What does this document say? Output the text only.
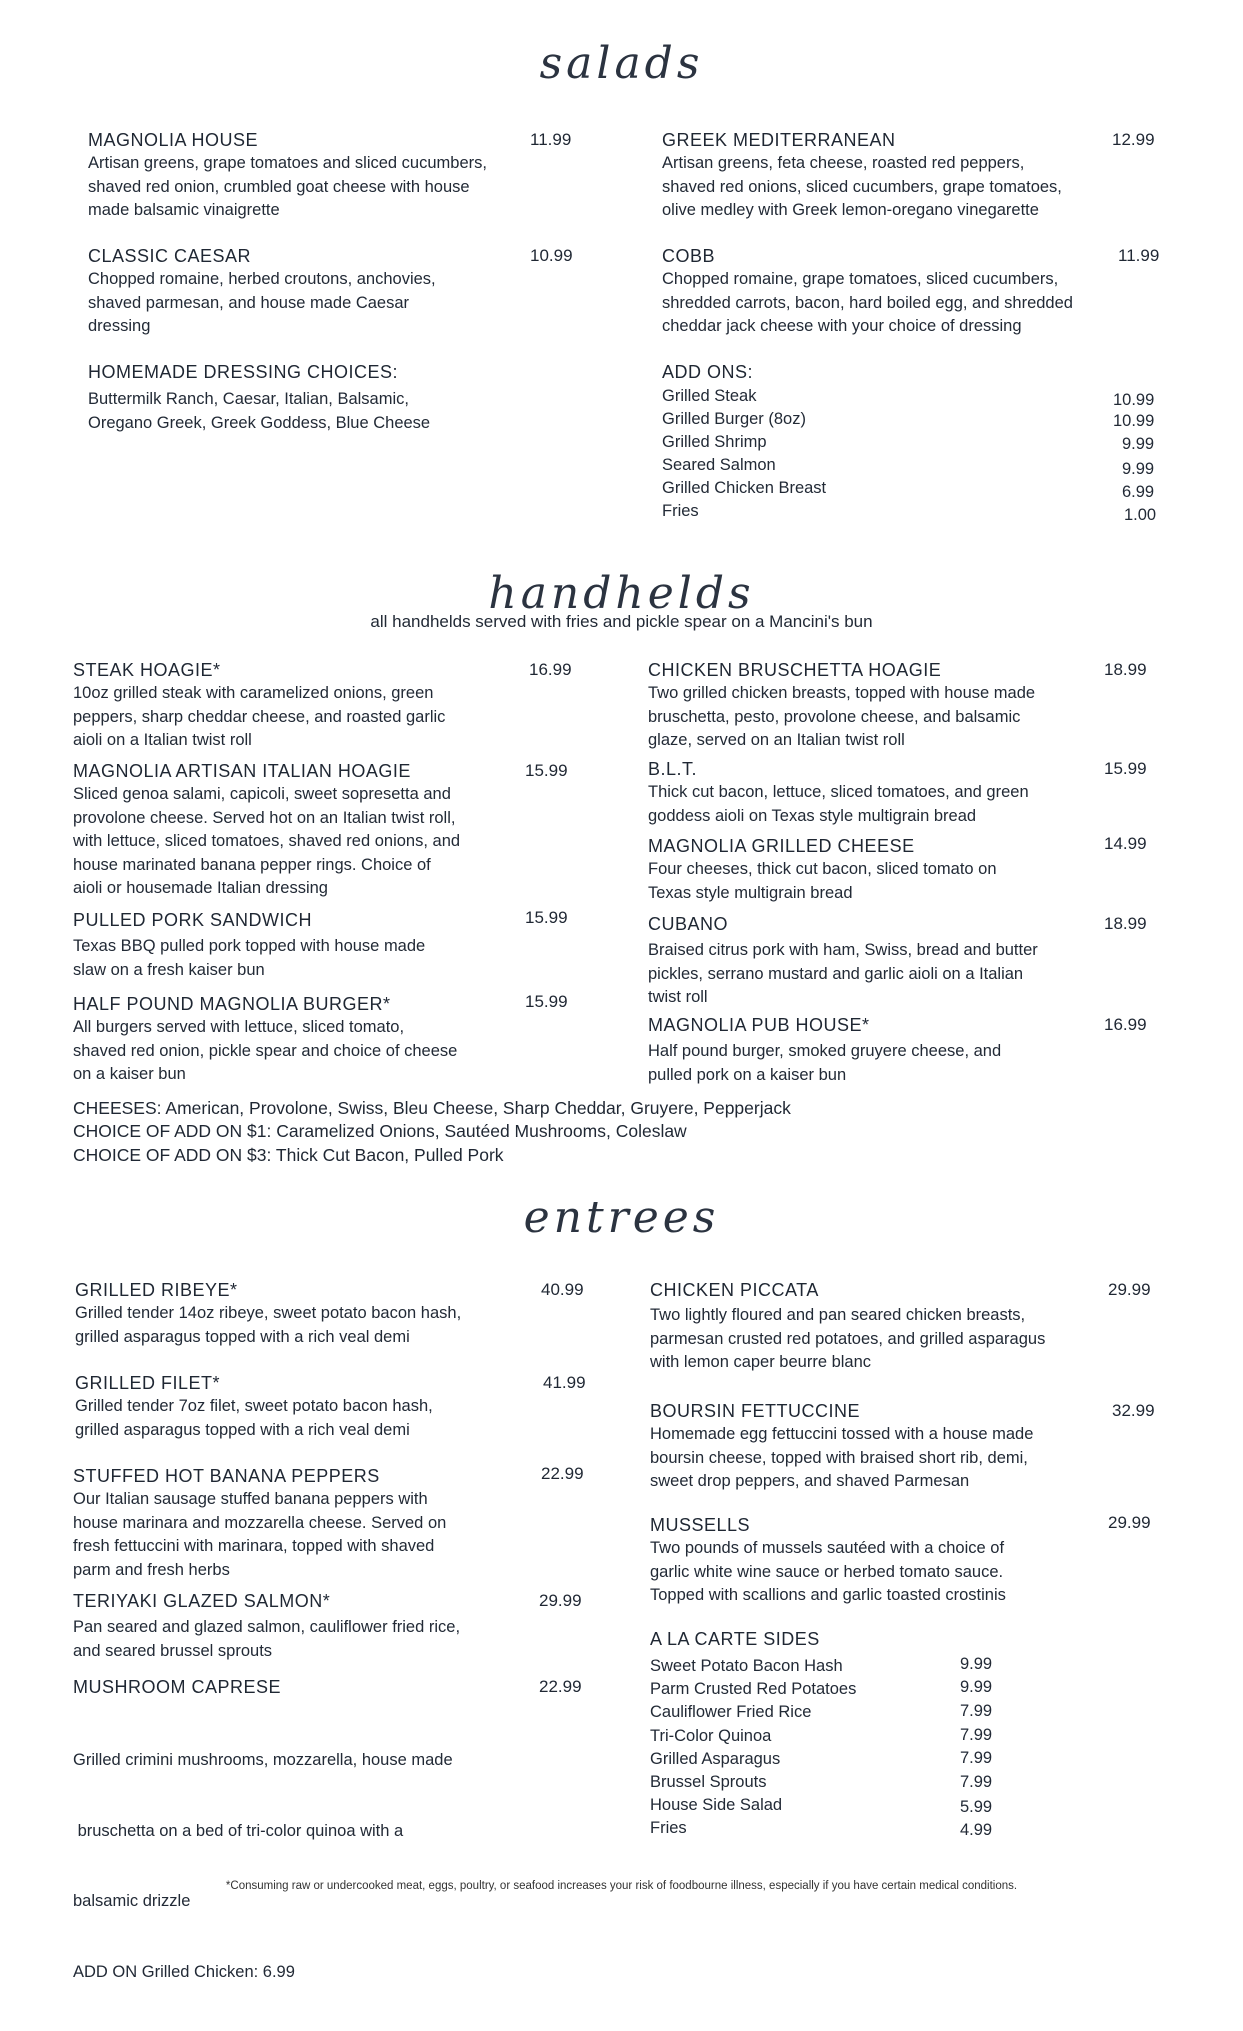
salads
MAGNOLIA HOUSE	11.99
Artisan greens, grape tomatoes and sliced cucumbers,
shaved red onion, crumbled goat cheese with house
made balsamic vinaigrette
CLASSIC CAESAR	10.99
Chopped romaine, herbed croutons, anchovies,
shaved parmesan, and house made Caesar
dressing
HOMEMADE DRESSING CHOICES:
Buttermilk Ranch, Caesar, Italian, Balsamic,
Oregano Greek, Greek Goddess, Blue Cheese
GREEK MEDITERRANEAN	12.99
Artisan greens, feta cheese, roasted red peppers,
shaved red onions, sliced cucumbers, grape tomatoes,
olive medley with Greek lemon-oregano vinegarette
COBB	11.99
Chopped romaine, grape tomatoes, sliced cucumbers,
shredded carrots, bacon, hard boiled egg, and shredded
cheddar jack cheese with your choice of dressing
ADD ONS:
Grilled Steak	10.99
Grilled Burger (8oz)	10.99
Grilled Shrimp	9.99
Seared Salmon	9.99
Grilled Chicken Breast	6.99
Fries	1.00
handhelds
all handhelds served with fries and pickle spear on a Mancini's bun
STEAK HOAGIE*	16.99
10oz grilled steak with caramelized onions, green
peppers, sharp cheddar cheese, and roasted garlic
aioli on a Italian twist roll
MAGNOLIA ARTISAN ITALIAN HOAGIE	15.99
Sliced genoa salami, capicoli, sweet sopresetta and
provolone cheese. Served hot on an Italian twist roll,
with lettuce, sliced tomatoes, shaved red onions, and
house marinated banana pepper rings. Choice of
aioli or housemade Italian dressing
PULLED PORK SANDWICH	15.99
Texas BBQ pulled pork topped with house made
slaw on a fresh kaiser bun
HALF POUND MAGNOLIA BURGER*	15.99
All burgers served with lettuce, sliced tomato,
shaved red onion, pickle spear and choice of cheese
on a kaiser bun
CHICKEN BRUSCHETTA HOAGIE	18.99
Two grilled chicken breasts, topped with house made
bruschetta, pesto, provolone cheese, and balsamic
glaze, served on an Italian twist roll
B.L.T.	15.99
Thick cut bacon, lettuce, sliced tomatoes, and green
goddess aioli on Texas style multigrain bread
MAGNOLIA GRILLED CHEESE	14.99
Four cheeses, thick cut bacon, sliced tomato on
Texas style multigrain bread
CUBANO	18.99
Braised citrus pork with ham, Swiss, bread and butter
pickles, serrano mustard and garlic aioli on a Italian
twist roll
MAGNOLIA PUB HOUSE*	16.99
Half pound burger, smoked gruyere cheese, and
pulled pork on a kaiser bun
CHEESES: American, Provolone, Swiss, Bleu Cheese, Sharp Cheddar, Gruyere, Pepperjack
CHOICE OF ADD ON $1: Caramelized Onions, Sautéed Mushrooms, Coleslaw
CHOICE OF ADD ON $3: Thick Cut Bacon, Pulled Pork
entrees
GRILLED RIBEYE*	40.99
Grilled tender 14oz ribeye, sweet potato bacon hash,
grilled asparagus topped with a rich veal demi
GRILLED FILET*	41.99
Grilled tender 7oz filet, sweet potato bacon hash,
grilled asparagus topped with a rich veal demi
STUFFED HOT BANANA PEPPERS	22.99
Our Italian sausage stuffed banana peppers with
house marinara and mozzarella cheese. Served on
fresh fettuccini with marinara, topped with shaved
parm and fresh herbs
TERIYAKI GLAZED SALMON*	29.99
Pan seared and glazed salmon, cauliflower fried rice,
and seared brussel sprouts
MUSHROOM CAPRESE	22.99

Grilled crimini mushrooms, mozzarella, house made

bruschetta on a bed of tri-color quinoa with a

balsamic drizzle

ADD ON Grilled Chicken: 6.99

CHICKEN PICCATA	29.99
Two lightly floured and pan seared chicken breasts,
parmesan crusted red potatoes, and grilled asparagus
with lemon caper beurre blanc
BOURSIN FETTUCCINE	32.99
Homemade egg fettuccini tossed with a house made
boursin cheese, topped with braised short rib, demi,
sweet drop peppers, and shaved Parmesan
MUSSELLS	29.99
Two pounds of mussels sautéed with a choice of
garlic white wine sauce or herbed tomato sauce.
Topped with scallions and garlic toasted crostinis
A LA CARTE SIDES
Sweet Potato Bacon Hash	9.99
Parm Crusted Red Potatoes	9.99
Cauliflower Fried Rice	7.99
Tri-Color Quinoa	7.99
Grilled Asparagus	7.99
Brussel Sprouts	7.99
House Side Salad	5.99
Fries	4.99
*Consuming raw or undercooked meat, eggs, poultry, or seafood increases your risk of foodbourne illness, especially if you have certain medical conditions.
